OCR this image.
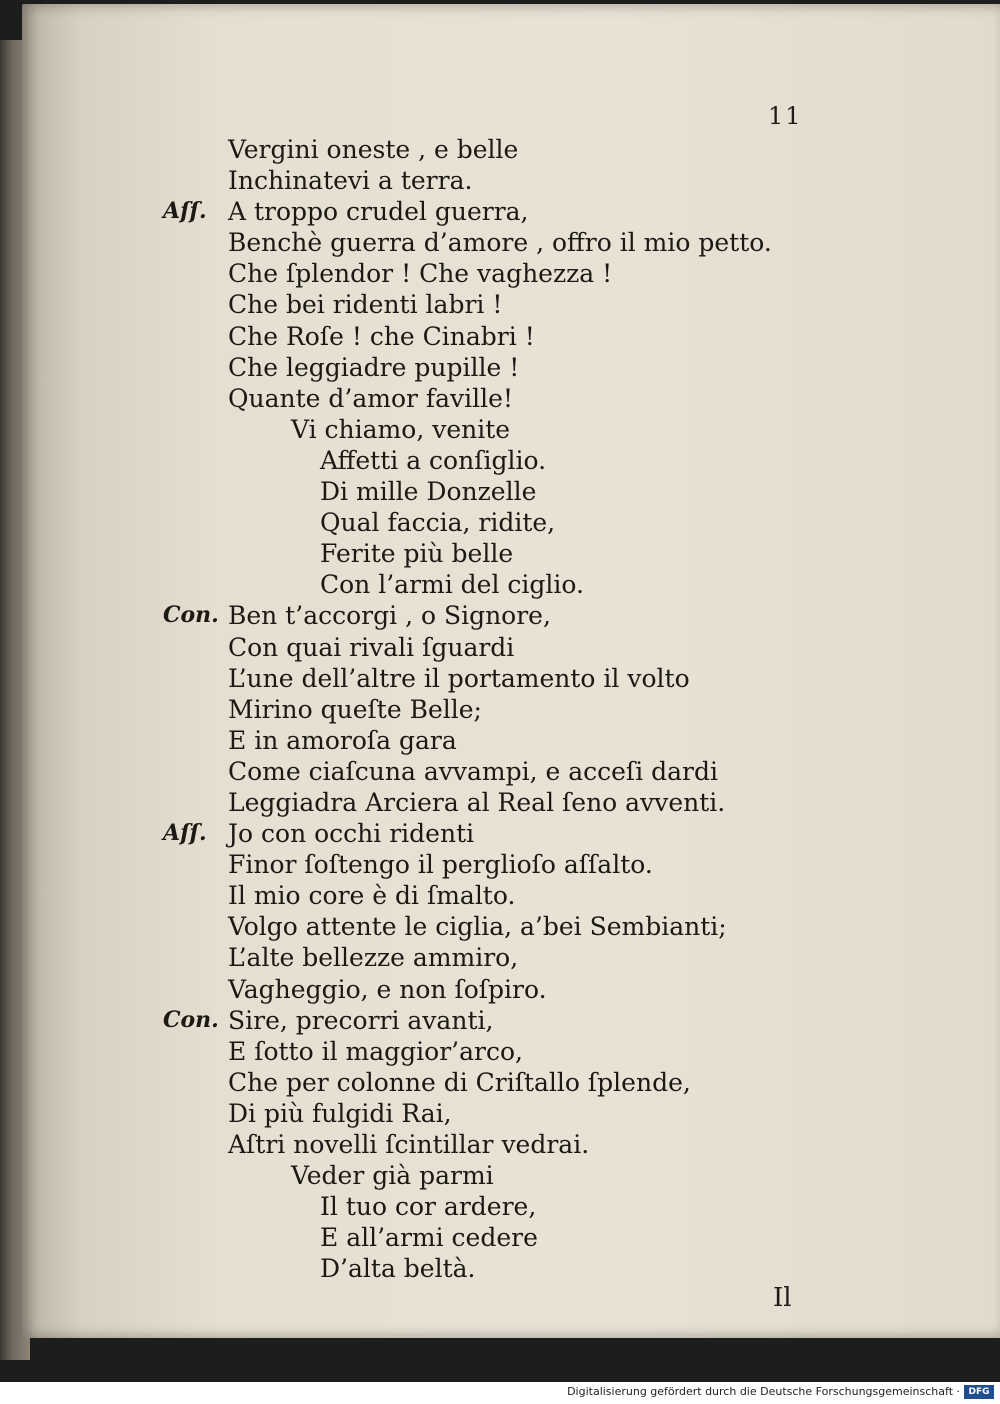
11
Vergini oneste , e belle
Inchinatevi a terra.
Aſſ. A troppo crudel guerra,
Benchè guerra d’amore , offro il mio petto.
Che ſplendor ! Che vaghezza !
Che bei ridenti labri !
Che Roſe ! che Cinabri !
Che leggiadre pupille !
Quante d’amor faville!
Vi chiamo, venite
Affetti a conſiglio.
Di mille Donzelle
Qual faccia, ridite,
Ferite più belle
Con l’armi del ciglio.
Con. Ben t’accorgi , o Signore,
Con quai rivali ſguardi
L’une dell’altre il portamento il volto
Mirino queſte Belle;
E in amoroſa gara
Come ciaſcuna avvampi, e acceſi dardi
Leggiadra Arciera al Real ſeno avventi.
Aſſ. Jo con occhi ridenti
Finor ſoſtengo il perglioſo aſſalto.
Il mio core è di ſmalto.
Volgo attente le ciglia, a’bei Sembianti;
L’alte bellezze ammiro,
Vagheggio, e non ſoſpiro.
Con. Sire, precorri avanti,
E ſotto il maggior’arco,
Che per colonne di Criſtallo ſplende,
Di più fulgidi Rai,
Aſtri novelli ſcintillar vedrai.
Veder già parmi
Il tuo cor ardere,
E all’armi cedere
D’alta beltà.
Il
Digitalisierung gefördert durch die Deutsche Forschungsgemeinschaft · DFG
